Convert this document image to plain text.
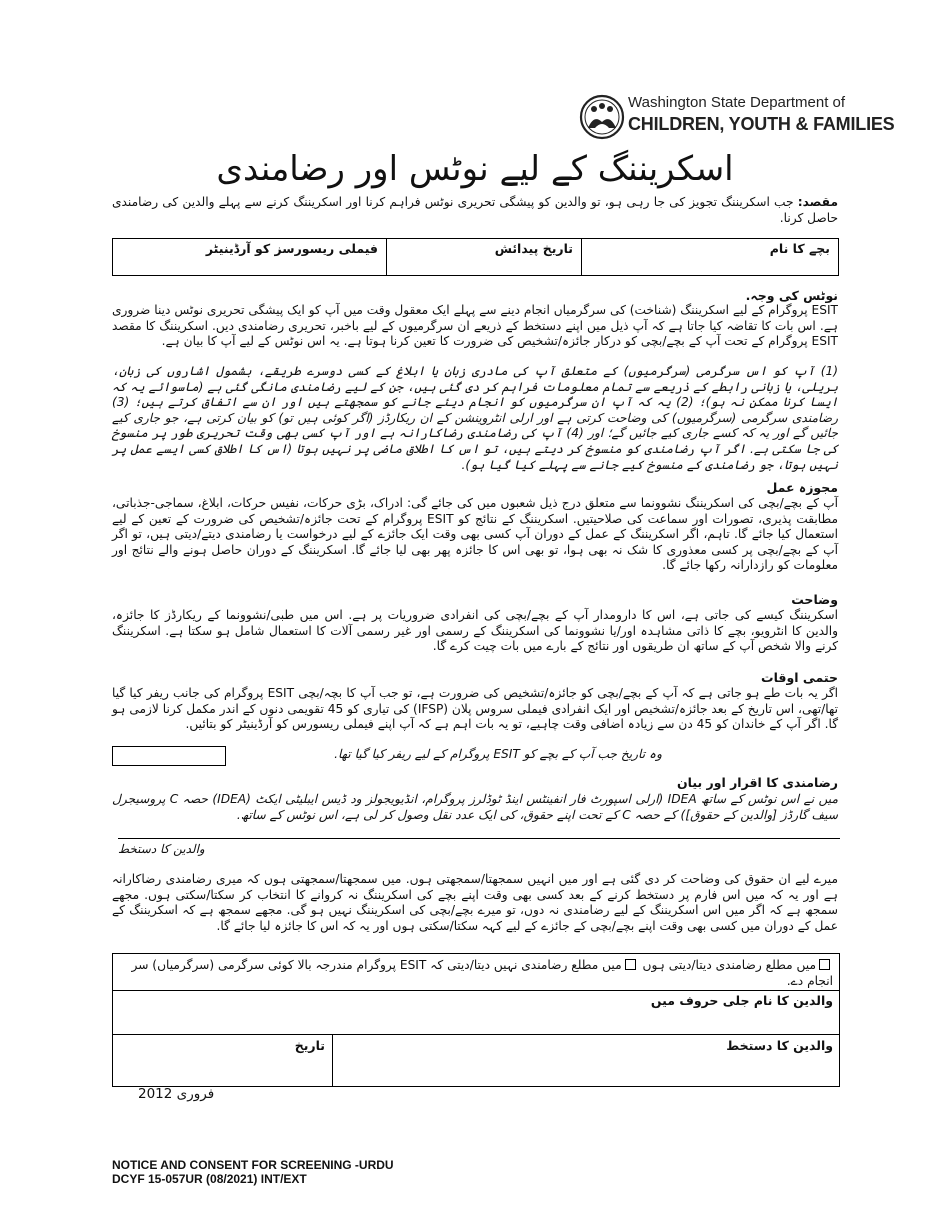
Washington State Department of
CHILDREN, YOUTH & FAMILIES
اسکریننگ کے لیے نوٹس اور رضامندی
مقصد: جب اسکریننگ تجویز کی جا رہی ہو، تو والدین کو پیشگی تحریری نوٹس فراہم کرنا اور اسکریننگ کرنے سے پہلے والدین کی رضامندی حاصل کرنا.
بچے کا نام	تاریخ پیدائش	فیملی ریسورسز کو آرڈینیٹر
نوٹس کی وجہ.
ESIT پروگرام کے لیے اسکریننگ (شناخت) کی سرگرمیاں انجام دینے سے پہلے ایک معقول وقت میں آپ کو ایک پیشگی تحریری نوٹس دینا ضروری ہے. اس بات کا تقاضہ کیا جاتا ہے کہ آپ ذیل میں اپنے دستخط کے ذریعے ان سرگرمیوں کے لیے باخبر، تحریری رضامندی دیں. اسکریننگ کا مقصد ESIT پروگرام کے تحت آپ کے بچے/بچی کو درکار جائزہ/تشخیص کی ضرورت کا تعین کرنا ہوتا ہے. یہ اس نوٹس کے لیے آپ کا بیان ہے.
(1) آپ کو اس سرگرمی (سرگرمیوں) کے متعلق آپ کی مادری زبان یا ابلاغ کے کسی دوسرے طریقے، بشمول اشاروں کی زبان، بریلی، یا زبانی رابطے کے ذریعے سے تمام معلومات فراہم کر دی گئی ہیں، جن کے لیے رضامندی مانگی گئی ہے (ماسوائے یہ کہ ایسا کرنا ممکن نہ ہو)؛ (2) یہ کہ آپ ان سرگرمیوں کو انجام دیئے جانے کو سمجھتے ہیں اور ان سے اتفاق کرتے ہیں؛ (3) رضامندی سرگرمی (سرگرمیوں) کی وضاحت کرتی ہے اور ارلی انٹروینشن کے ان ریکارڈز (اگر کوئی ہیں تو) کو بیان کرتی ہے، جو جاری کیے جائیں گے اور یہ کہ کسے جاری کیے جائیں گے؛ اور (4) آپ کی رضامندی رضاکارانہ ہے اور آپ کسی بھی وقت تحریری طور پر منسوخ کی جا سکتی ہے. اگر آپ رضامندی کو منسوخ کر دیتے ہیں، تو اس کا اطلاق ماضی پر نہیں ہوتا (اس کا اطلاق کسی ایسے عمل پر نہیں ہوتا، جو رضامندی کے منسوخ کیے جانے سے پہلے کیا گیا ہو).
مجوزہ عمل
آپ کے بچے/بچی کی اسکریننگ نشوونما سے متعلق درج ذیل شعبوں میں کی جائے گی: ادراک، بڑی حرکات، نفیس حرکات، ابلاغ، سماجی-جذباتی، مطابقت پذیری، تصورات اور سماعت کی صلاحیتیں. اسکریننگ کے نتائج کو ESIT پروگرام کے تحت جائزہ/تشخیص کی ضرورت کے تعین کے لیے استعمال کیا جائے گا. تاہم، اگر اسکریننگ کے عمل کے دوران آپ کسی بھی وقت ایک جائزے کے لیے درخواست یا رضامندی دیتے/دیتی ہیں، تو اگر آپ کے بچے/بچی پر کسی معذوری کا شک نہ بھی ہوا، تو بھی اس کا جائزہ پھر بھی لیا جائے گا. اسکریننگ کے دوران حاصل ہونے والے نتائج اور معلومات کو رازدارانہ رکھا جائے گا.
وضاحت
اسکریننگ کیسے کی جاتی ہے، اس کا دارومدار آپ کے بچے/بچی کی انفرادی ضروریات پر ہے. اس میں طبی/نشوونما کے ریکارڈز کا جائزہ، والدین کا انٹرویو، بچے کا ذاتی مشاہدہ اور/یا نشوونما کی اسکریننگ کے رسمی اور غیر رسمی آلات کا استعمال شامل ہو سکتا ہے. اسکریننگ کرنے والا شخص آپ کے ساتھ ان طریقوں اور نتائج کے بارے میں بات چیت کرے گا.
حتمی اوقات
اگر یہ بات طے ہو جاتی ہے کہ آپ کے بچے/بچی کو جائزہ/تشخیص کی ضرورت ہے، تو جب آپ کا بچہ/بچی ESIT پروگرام کی جانب ریفر کیا گیا تھا/تھی، اس تاریخ کے بعد جائزہ/تشخیص اور ایک انفرادی فیملی سروس پلان (IFSP) کی تیاری کو 45 تقویمی دنوں کے اندر مکمل کرنا لازمی ہو گا. اگر آپ کے خاندان کو 45 دن سے زیادہ اضافی وقت چاہیے، تو یہ بات اہم ہے کہ آپ اپنے فیملی ریسورس کو آرڈینیٹر کو بتائیں.
وہ تاریخ جب آپ کے بچے کو ESIT پروگرام کے لیے ریفر کیا گیا تھا.
رضامندی کا اقرار اور بیان
میں نے اس نوٹس کے ساتھ IDEA (ارلی اسپورٹ فار انفینٹس اینڈ ٹوڈلرز پروگرام، انڈیویجولز ود ڈیس ایبلیٹی ایکٹ (IDEA) حصہ C پروسیجرل سیف گارڈز [والدین کے حقوق]) کے حصہ C کے تحت اپنے حقوق، کی ایک عدد نقل وصول کر لی ہے، اس نوٹس کے ساتھ.
والدین کا دستخط
میرے لیے ان حقوق کی وضاحت کر دی گئی ہے اور میں انہیں سمجھتا/سمجھتی ہوں. میں سمجھتا/سمجھتی ہوں کہ میری رضامندی رضاکارانہ ہے اور یہ کہ میں اس فارم پر دستخط کرنے کے بعد کسی بھی وقت اپنے بچے کی اسکریننگ نہ کروانے کا انتخاب کر سکتا/سکتی ہوں. مجھے سمجھ ہے کہ اگر میں اس اسکریننگ کے لیے رضامندی نہ دوں، تو میرے بچے/بچی کی اسکریننگ نہیں ہو گی. مجھے سمجھ ہے کہ اسکریننگ کے عمل کے دوران میں کسی بھی وقت اپنے بچے/بچی کے جائزے کے لیے کہہ سکتا/سکتی ہوں اور یہ کہ اس کا جائزہ لیا جائے گا.
میں مطلع رضامندی دیتا/دیتی ہوں میں مطلع رضامندی نہیں دیتا/دیتی کہ ESIT پروگرام مندرجہ بالا کوئی سرگرمی (سرگرمیاں) سر انجام دے.
والدین کا نام جلی حروف میں
والدین کا دستخط
تاریخ
فروری 2012
NOTICE AND CONSENT FOR SCREENING -URDU
DCYF 15-057UR (08/2021) INT/EXT
